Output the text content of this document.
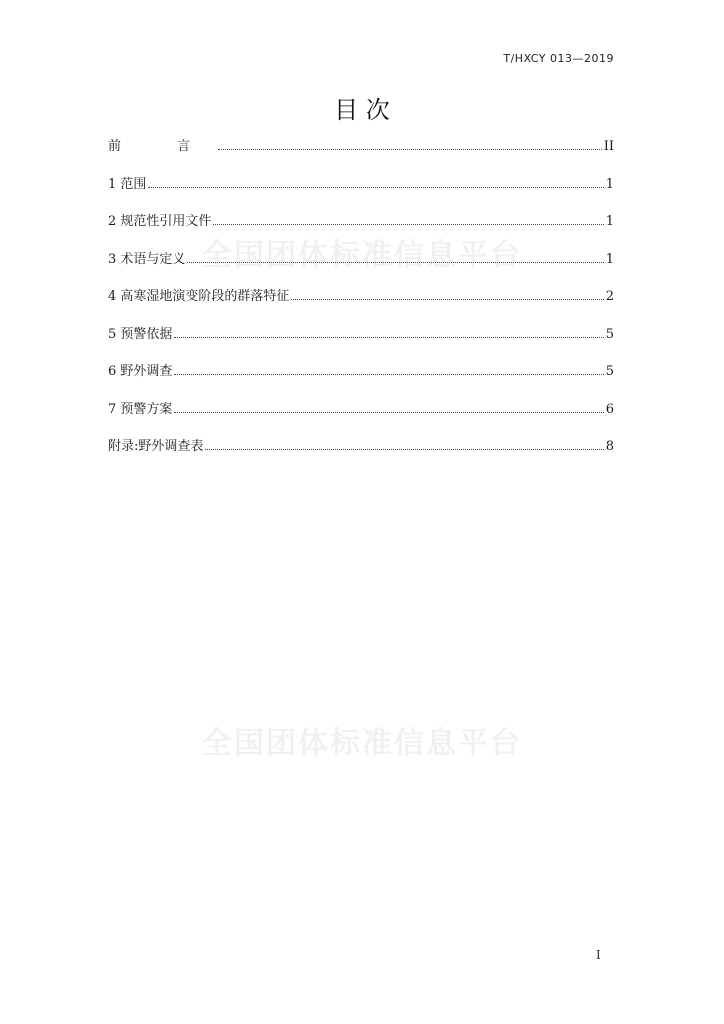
T/HXCY 013—2019
目 次
全国团体标准信息平台
全国团体标准信息平台
前 言	II
1 范围	1
2 规范性引用文件	1
3 术语与定义	1
4 高寒湿地演变阶段的群落特征	2
5 预警依据	5
6 野外调查	5
7 预警方案	6
附录:野外调查表	8
I
